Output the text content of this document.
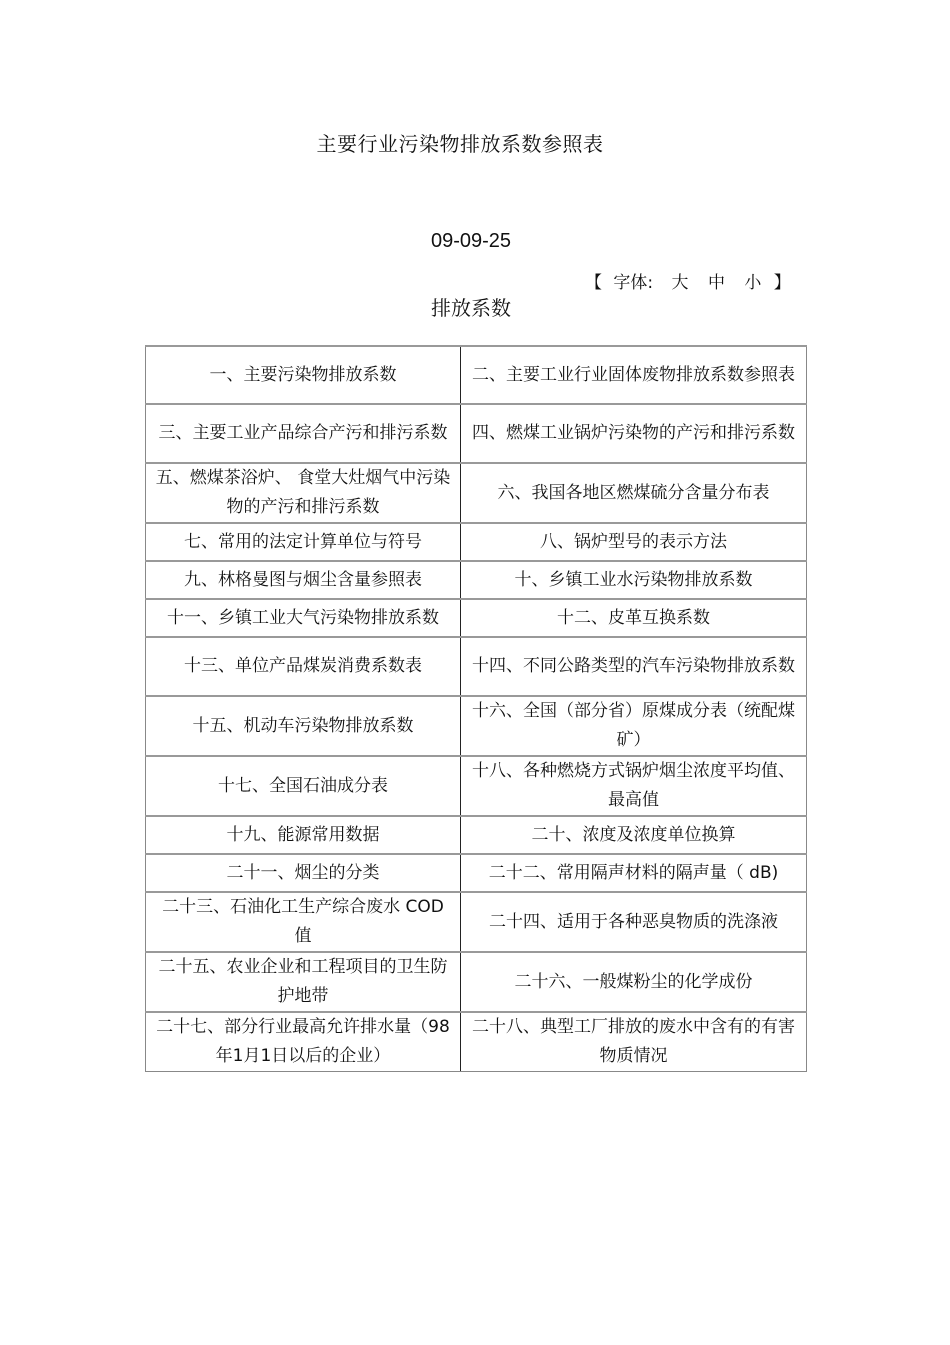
主要行业污染物排放系数参照表
09-09-25
【 字体: 大 中 小 】
排放系数
一、主要污染物排放系数	二、主要工业行业固体废物排放系数参照表
三、主要工业产品综合产污和排污系数	四、燃煤工业锅炉污染物的产污和排污系数
五、燃煤茶浴炉、 食堂大灶烟气中污染物的产污和排污系数	六、我国各地区燃煤硫分含量分布表
七、常用的法定计算单位与符号	八、锅炉型号的表示方法
九、林格曼图与烟尘含量参照表	十、乡镇工业水污染物排放系数
十一、乡镇工业大气污染物排放系数	十二、皮革互换系数
十三、单位产品煤炭消费系数表	十四、不同公路类型的汽车污染物排放系数
十五、机动车污染物排放系数	十六、全国（部分省）原煤成分表（统配煤矿）
十七、全国石油成分表	十八、各种燃烧方式锅炉烟尘浓度平均值、最高值
十九、能源常用数据	二十、浓度及浓度单位换算
二十一、烟尘的分类	二十二、常用隔声材料的隔声量（ dB)
二十三、石油化工生产综合废水 COD值	二十四、适用于各种恶臭物质的洗涤液
二十五、农业企业和工程项目的卫生防护地带	二十六、一般煤粉尘的化学成份
二十七、部分行业最高允许排水量（98年1月1日以后的企业）	二十八、典型工厂排放的废水中含有的有害物质情况
